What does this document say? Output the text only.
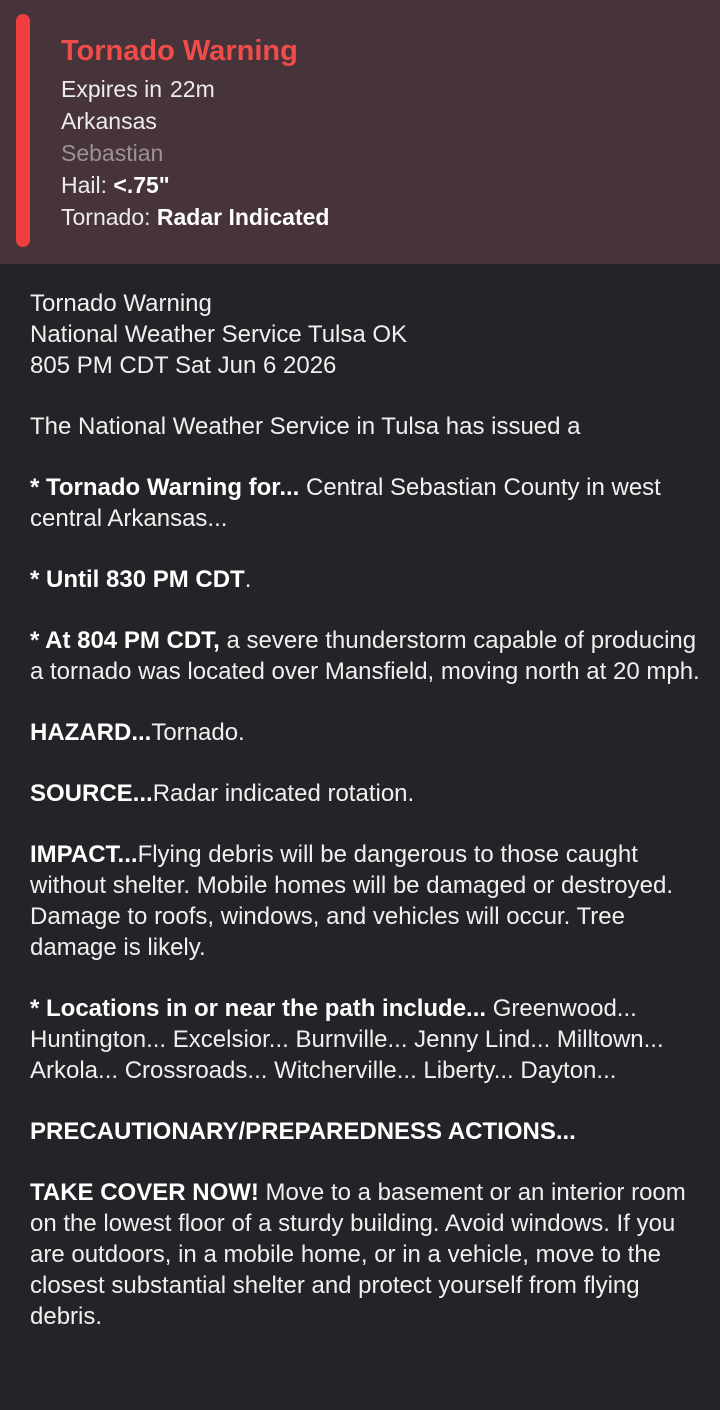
Tornado Warning
Expires in 22m
Arkansas
Sebastian
Hail: <.75"
Tornado: Radar Indicated
Tornado Warning
National Weather Service Tulsa OK
805 PM CDT Sat Jun 6 2026
The National Weather Service in Tulsa has issued a
* Tornado Warning for... Central Sebastian County in west central Arkansas...
* Until 830 PM CDT.
* At 804 PM CDT, a severe thunderstorm capable of producing a tornado was located over Mansfield, moving north at 20 mph.
HAZARD...Tornado.
SOURCE...Radar indicated rotation.
IMPACT...Flying debris will be dangerous to those caught without shelter. Mobile homes will be damaged or destroyed. Damage to roofs, windows, and vehicles will occur. Tree damage is likely.
* Locations in or near the path include... Greenwood... Huntington... Excelsior... Burnville... Jenny Lind... Milltown... Arkola... Crossroads... Witcherville... Liberty... Dayton...
PRECAUTIONARY/PREPAREDNESS ACTIONS...
TAKE COVER NOW! Move to a basement or an interior room on the lowest floor of a sturdy building. Avoid windows. If you are outdoors, in a mobile home, or in a vehicle, move to the closest substantial shelter and protect yourself from flying debris.
